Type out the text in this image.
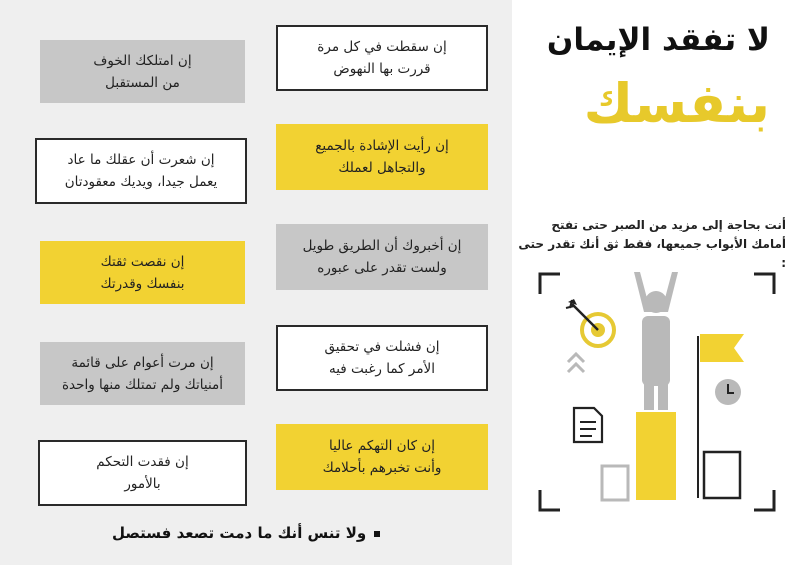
إن سقطت في كل مرة
قررت بها النهوض
إن رأيت الإشادة بالجميع
والتجاهل لعملك
إن أخبروك أن الطريق طويل
ولست تقدر على عبوره
إن فشلت في تحقيق
الأمر كما رغبت فيه
إن كان التهكم عاليا
وأنت تخبرهم بأحلامك
إن امتلكك الخوف
من المستقبل
إن شعرت أن عقلك ما عاد
يعمل جيدا، ويديك معقودتان
إن نقصت ثقتك
بنفسك وقدرتك
إن مرت أعوام على قائمة
أمنياتك ولم تمتلك منها واحدة
إن فقدت التحكم
بالأمور
ولا تنس أنك ما دمت تصعد فستصل
لا تفقد الإيمان
بنفسك
أنت بحاجة إلى مزيد من الصبر حتى تفتح أمامك الأبواب جميعها، فقط ثق أنك تقدر حتى :
